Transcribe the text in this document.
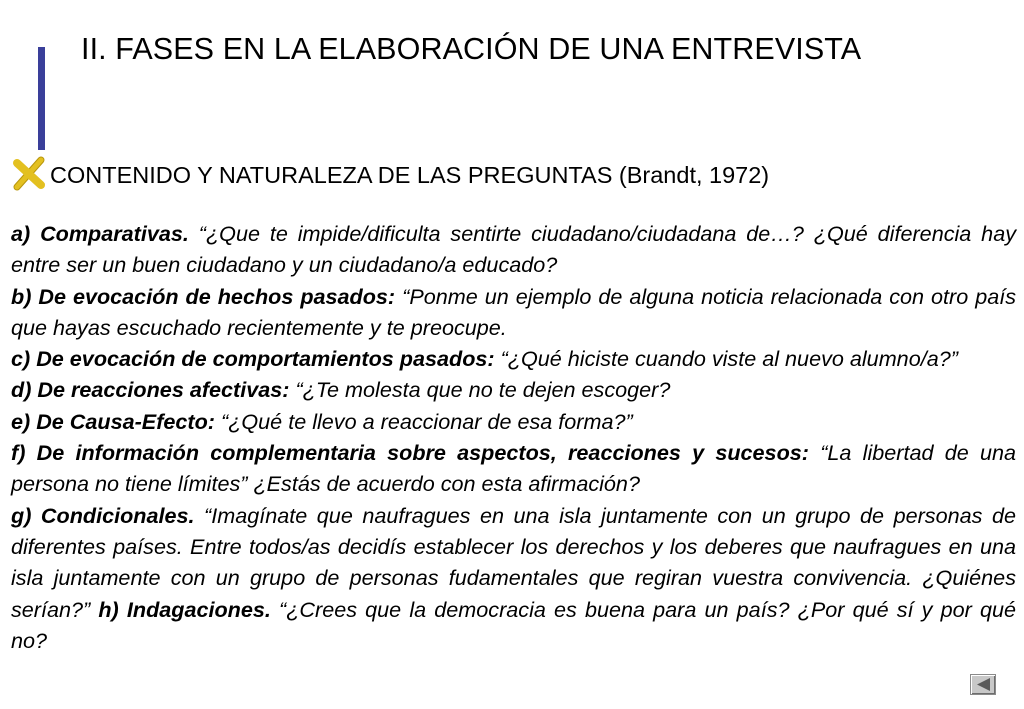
II. FASES EN LA ELABORACIÓN DE UNA ENTREVISTA
CONTENIDO Y NATURALEZA DE LAS PREGUNTAS (Brandt, 1972)

a) Comparativas. “¿Que te impide/dificulta sentirte ciudadano/ciudadana de…? ¿Qué diferencia hay entre ser un buen ciudadano y un ciudadano/a educado?

b) De evocación de hechos pasados: “Ponme un ejemplo de alguna noticia relacionada con otro país que hayas escuchado recientemente y te preocupe.

c) De evocación de comportamientos pasados: “¿Qué hiciste cuando viste al nuevo alumno/a?”

d) De reacciones afectivas: “¿Te molesta que no te dejen escoger?

e) De Causa-Efecto: “¿Qué te llevo a reaccionar de esa forma?”

f) De información complementaria sobre aspectos, reacciones y sucesos: “La libertad de una persona no tiene límites” ¿Estás de acuerdo con esta afirmación?

g) Condicionales. “Imagínate que naufragues en una isla juntamente con un grupo de personas de diferentes países. Entre todos/as decidís establecer los derechos y los deberes que naufragues en una isla juntamente con un grupo de personas fudamentales que regiran vuestra convivencia. ¿Quiénes serían?” h) Indagaciones. “¿Crees que la democracia es buena para un país? ¿Por qué sí y por qué no?
